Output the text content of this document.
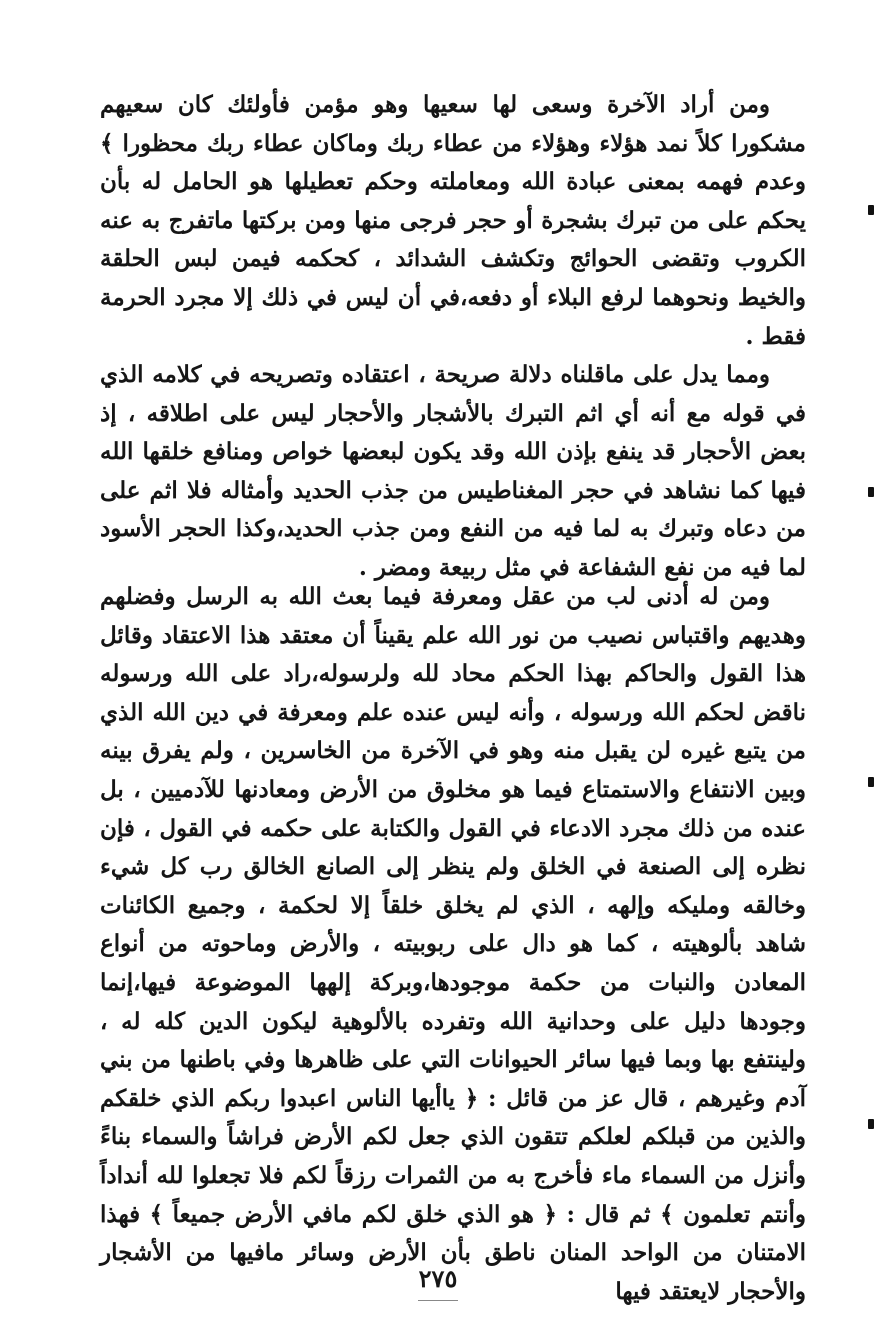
ومن أراد الآخرة وسعى لها سعيها وهو مؤمن فأولئك كان سعيهم مشكورا كلاً نمد هؤلاء وهؤلاء من عطاء ربك وماكان عطاء ربك محظورا ﴾ وعدم فهمه بمعنى عبادة الله ومعاملته وحكم تعطيلها هو الحامل له بأن يحكم على من تبرك بشجرة أو حجر فرجى منها ومن بركتها ماتفرج به عنه الكروب وتقضى الحوائج وتكشف الشدائد ، كحكمه فيمن لبس الحلقة والخيط ونحوهما لرفع البلاء أو دفعه،في أن ليس في ذلك إلا مجرد الحرمة فقط .

ومما يدل على ماقلناه دلالة صريحة ، اعتقاده وتصريحه في كلامه الذي في قوله مع أنه أي اثم التبرك بالأشجار والأحجار ليس على اطلاقه ، إذ بعض الأحجار قد ينفع بإذن الله وقد يكون لبعضها خواص ومنافع خلقها الله فيها كما نشاهد في حجر المغناطيس من جذب الحديد وأمثاله فلا اثم على من دعاه وتبرك به لما فيه من النفع ومن جذب الحديد،وكذا الحجر الأسود لما فيه من نفع الشفاعة في مثل ربيعة ومضر .

ومن له أدنى لب من عقل ومعرفة فيما بعث الله به الرسل وفضلهم وهديهم واقتباس نصيب من نور الله علم يقيناً أن معتقد هذا الاعتقاد وقائل هذا القول والحاكم بهذا الحكم محاد لله ولرسوله،راد على الله ورسوله ناقض لحكم الله ورسوله ، وأنه ليس عنده علم ومعرفة في دين الله الذي من يتبع غيره لن يقبل منه وهو في الآخرة من الخاسرين ، ولم يفرق بينه وبين الانتفاع والاستمتاع فيما هو مخلوق من الأرض ومعادنها للآدميين ، بل عنده من ذلك مجرد الادعاء في القول والكتابة على حكمه في القول ، فإن نظره إلى الصنعة في الخلق ولم ينظر إلى الصانع الخالق رب كل شيء وخالقه ومليكه وإلهه ، الذي لم يخلق خلقاً إلا لحكمة ، وجميع الكائنات شاهد بألوهيته ، كما هو دال على ربوبيته ، والأرض وماحوته من أنواع المعادن والنبات من حكمة موجودها،وبركة إلهها الموضوعة فيها،إنما وجودها دليل على وحدانية الله وتفرده بالألوهية ليكون الدين كله له ، ولينتفع بها وبما فيها سائر الحيوانات التي على ظاهرها وفي باطنها من بني آدم وغيرهم ، قال عز من قائل : ﴿ ياأيها الناس اعبدوا ربكم الذي خلقكم والذين من قبلكم لعلكم تتقون الذي جعل لكم الأرض فراشاً والسماء بناءً وأنزل من السماء ماء فأخرج به من الثمرات رزقاً لكم فلا تجعلوا لله أنداداً وأنتم تعلمون ﴾ ثم قال : ﴿ هو الذي خلق لكم مافي الأرض جميعاً ﴾ فهذا الامتنان من الواحد المنان ناطق بأن الأرض وسائر مافيها من الأشجار والأحجار لايعتقد فيها

٢٧٥
